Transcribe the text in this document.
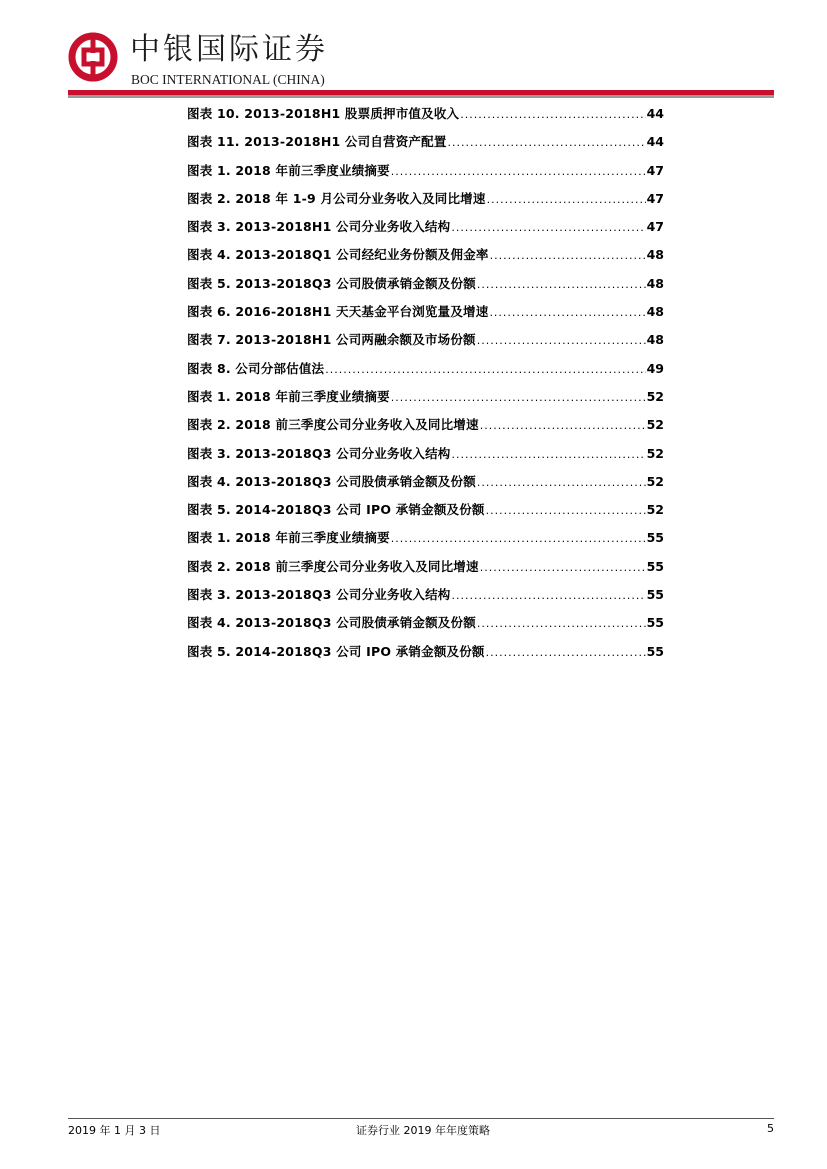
中银国际证券
BOC INTERNATIONAL (CHINA)
图表 10. 2013-2018H1 股票质押市值及收入 .....	44
图表 11. 2013-2018H1 公司自营资产配置 .....	44
图表 1. 2018 年前三季度业绩摘要 .....	47
图表 2. 2018 年 1-9 月公司分业务收入及同比增速 .....	47
图表 3. 2013-2018H1 公司分业务收入结构 .....	47
图表 4. 2013-2018Q1 公司经纪业务份额及佣金率 .....	48
图表 5. 2013-2018Q3 公司股债承销金额及份额 .....	48
图表 6. 2016-2018H1 天天基金平台浏览量及增速 .....	48
图表 7. 2013-2018H1 公司两融余额及市场份额 .....	48
图表 8. 公司分部估值法 .....	49
图表 1. 2018 年前三季度业绩摘要 .....	52
图表 2. 2018 前三季度公司分业务收入及同比增速 .....	52
图表 3. 2013-2018Q3 公司分业务收入结构 .....	52
图表 4. 2013-2018Q3 公司股债承销金额及份额 .....	52
图表 5. 2014-2018Q3 公司 IPO 承销金额及份额 .....	52
图表 1. 2018 年前三季度业绩摘要 .....	55
图表 2. 2018 前三季度公司分业务收入及同比增速 .....	55
图表 3. 2013-2018Q3 公司分业务收入结构 .....	55
图表 4. 2013-2018Q3 公司股债承销金额及份额 .....	55
图表 5. 2014-2018Q3 公司 IPO 承销金额及份额 .....	55
2019 年 1 月 3 日	证券行业 2019 年年度策略	5
